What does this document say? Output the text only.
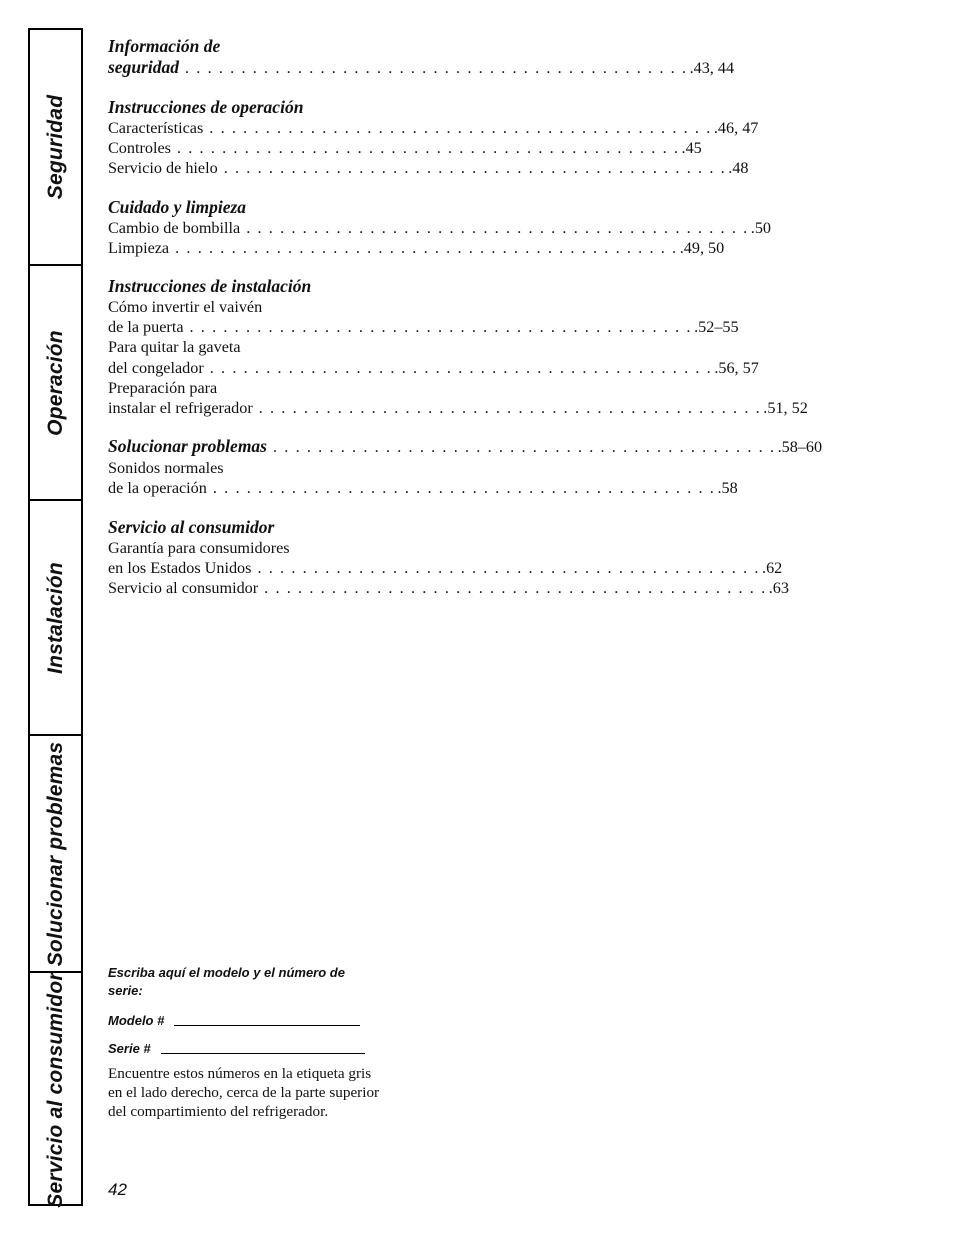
Seguridad
Operación
Instalación
Solucionar problemas
Servicio al consumidor
Información de
seguridad . . . . . . . . . . . . . . . . . . . . . . . . . . . . . . . . . . . . . . . . . . . . . .43, 44
Instrucciones de operación
Características . . . . . . . . . . . . . . . . . . . . . . . . . . . . . . . . . . . . . . . . . . . . . .46, 47
Controles . . . . . . . . . . . . . . . . . . . . . . . . . . . . . . . . . . . . . . . . . . . . . .45
Servicio de hielo . . . . . . . . . . . . . . . . . . . . . . . . . . . . . . . . . . . . . . . . . . . . . .48
Cuidado y limpieza
Cambio de bombilla . . . . . . . . . . . . . . . . . . . . . . . . . . . . . . . . . . . . . . . . . . . . . .50
Limpieza . . . . . . . . . . . . . . . . . . . . . . . . . . . . . . . . . . . . . . . . . . . . . .49, 50
Instrucciones de instalación
Cómo invertir el vaivén
de la puerta . . . . . . . . . . . . . . . . . . . . . . . . . . . . . . . . . . . . . . . . . . . . . .52–55
Para quitar la gaveta
del congelador . . . . . . . . . . . . . . . . . . . . . . . . . . . . . . . . . . . . . . . . . . . . . .56, 57
Preparación para
instalar el refrigerador . . . . . . . . . . . . . . . . . . . . . . . . . . . . . . . . . . . . . . . . . . . . . .51, 52
Solucionar problemas . . . . . . . . . . . . . . . . . . . . . . . . . . . . . . . . . . . . . . . . . . . . . .58–60
Sonidos normales
de la operación . . . . . . . . . . . . . . . . . . . . . . . . . . . . . . . . . . . . . . . . . . . . . .58
Servicio al consumidor
Garantía para consumidores
en los Estados Unidos . . . . . . . . . . . . . . . . . . . . . . . . . . . . . . . . . . . . . . . . . . . . . .62
Servicio al consumidor . . . . . . . . . . . . . . . . . . . . . . . . . . . . . . . . . . . . . . . . . . . . . .63
Escriba aquí el modelo y el número de serie:
Modelo #
Serie #
Encuentre estos números en la etiqueta gris en el lado derecho, cerca de la parte superior del compartimiento del refrigerador.
42
